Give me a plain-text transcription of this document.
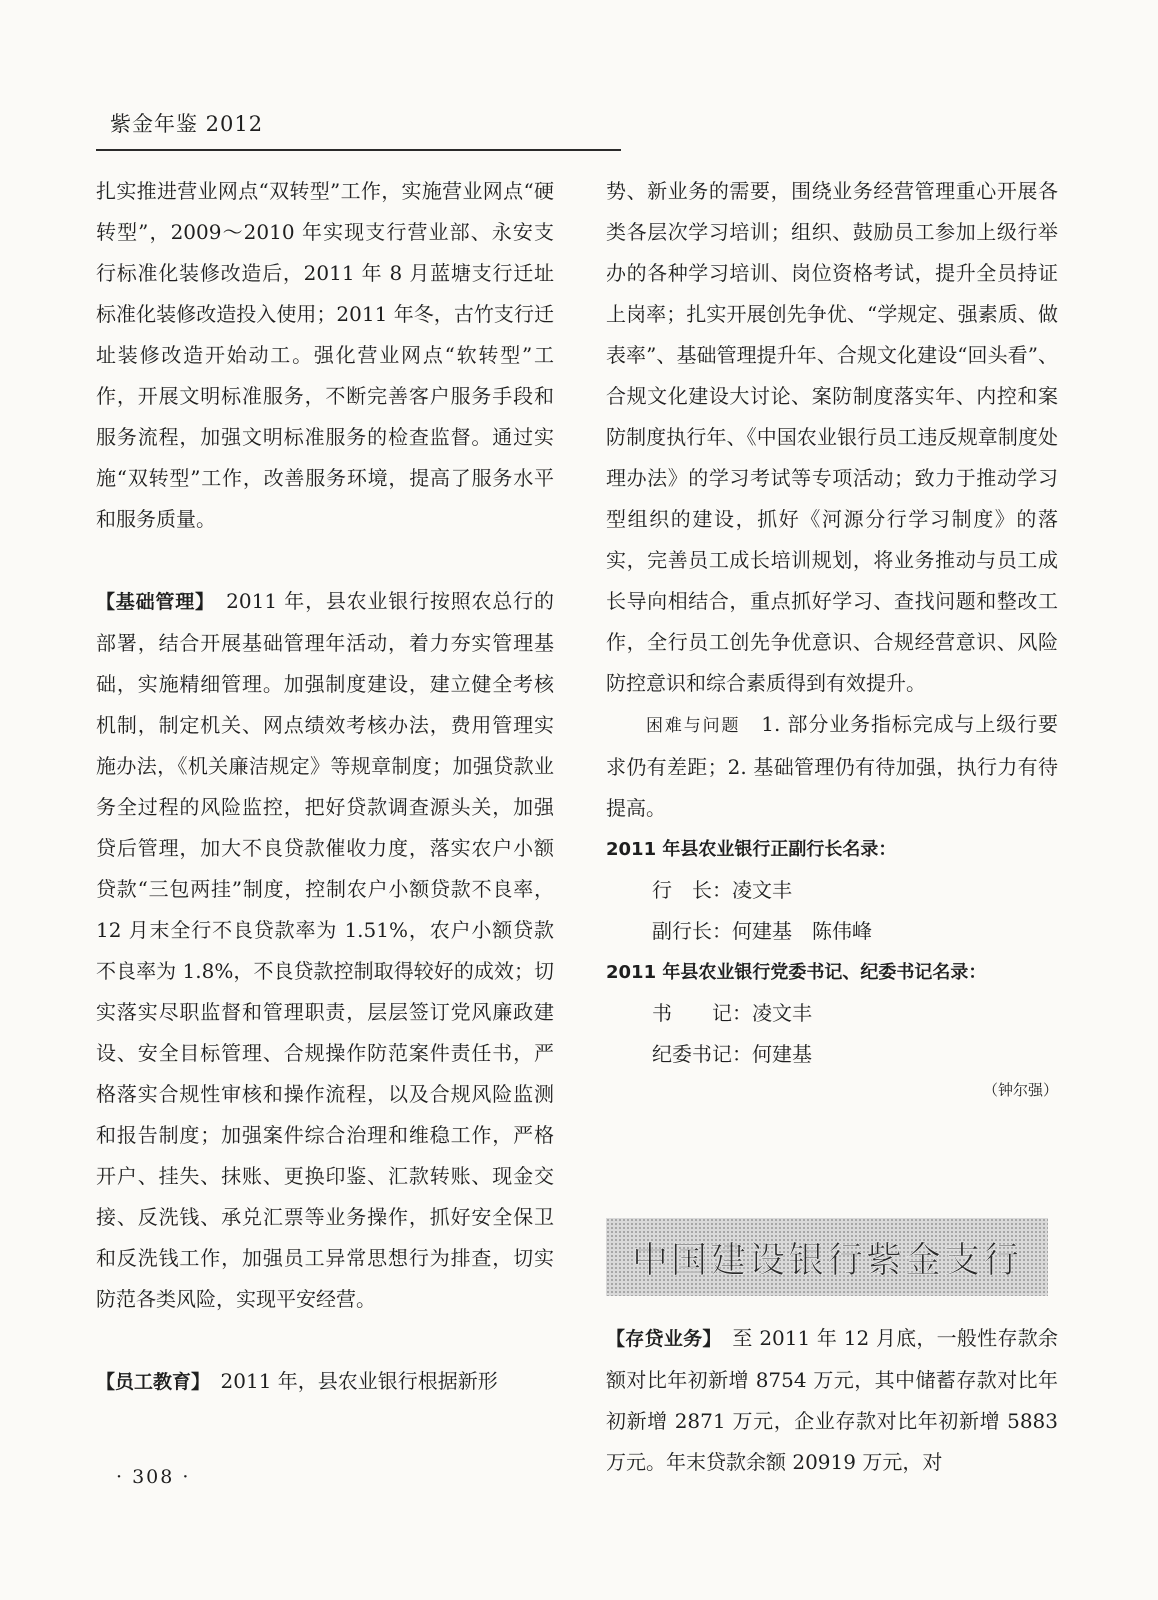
紫金年鉴 2012

扎实推进营业网点“双转型”工作，实施营业网点“硬转型”，2009～2010 年实现支行营业部、永安支行标准化装修改造后，2011 年 8 月蓝塘支行迁址标准化装修改造投入使用；2011 年冬，古竹支行迁址装修改造开始动工。强化营业网点“软转型”工作，开展文明标准服务，不断完善客户服务手段和服务流程，加强文明标准服务的检查监督。通过实施“双转型”工作，改善服务环境，提高了服务水平和服务质量。

【基础管理】　2011 年，县农业银行按照农总行的部署，结合开展基础管理年活动，着力夯实管理基础，实施精细管理。加强制度建设，建立健全考核机制，制定机关、网点绩效考核办法，费用管理实施办法，《机关廉洁规定》等规章制度；加强贷款业务全过程的风险监控，把好贷款调查源头关，加强贷后管理，加大不良贷款催收力度，落实农户小额贷款“三包两挂”制度，控制农户小额贷款不良率，12 月末全行不良贷款率为 1.51%，农户小额贷款不良率为 1.8%，不良贷款控制取得较好的成效；切实落实尽职监督和管理职责，层层签订党风廉政建设、安全目标管理、合规操作防范案件责任书，严格落实合规性审核和操作流程，以及合规风险监测和报告制度；加强案件综合治理和维稳工作，严格开户、挂失、抹账、更换印鉴、汇款转账、现金交接、反洗钱、承兑汇票等业务操作，抓好安全保卫和反洗钱工作，加强员工异常思想行为排查，切实防范各类风险，实现平安经营。

【员工教育】　2011 年，县农业银行根据新形

势、新业务的需要，围绕业务经营管理重心开展各类各层次学习培训；组织、鼓励员工参加上级行举办的各种学习培训、岗位资格考试，提升全员持证上岗率；扎实开展创先争优、“学规定、强素质、做表率”、基础管理提升年、合规文化建设“回头看”、合规文化建设大讨论、案防制度落实年、内控和案防制度执行年、《中国农业银行员工违反规章制度处理办法》的学习考试等专项活动；致力于推动学习型组织的建设，抓好《河源分行学习制度》的落实，完善员工成长培训规划，将业务推动与员工成长导向相结合，重点抓好学习、查找问题和整改工作，全行员工创先争优意识、合规经营意识、风险防控意识和综合素质得到有效提升。

困难与问题　1. 部分业务指标完成与上级行要求仍有差距；2. 基础管理仍有待加强，执行力有待提高。

2011 年县农业银行正副行长名录：

行　长：凌文丰

副行长：何建基　陈伟峰

2011 年县农业银行党委书记、纪委书记名录：

书　　记：凌文丰

纪委书记：何建基

（钟尔强）

中国建设银行紫金支行

【存贷业务】　至 2011 年 12 月底，一般性存款余额对比年初新增 8754 万元，其中储蓄存款对比年初新增 2871 万元，企业存款对比年初新增 5883 万元。年末贷款余额 20919 万元，对

· 308 ·
